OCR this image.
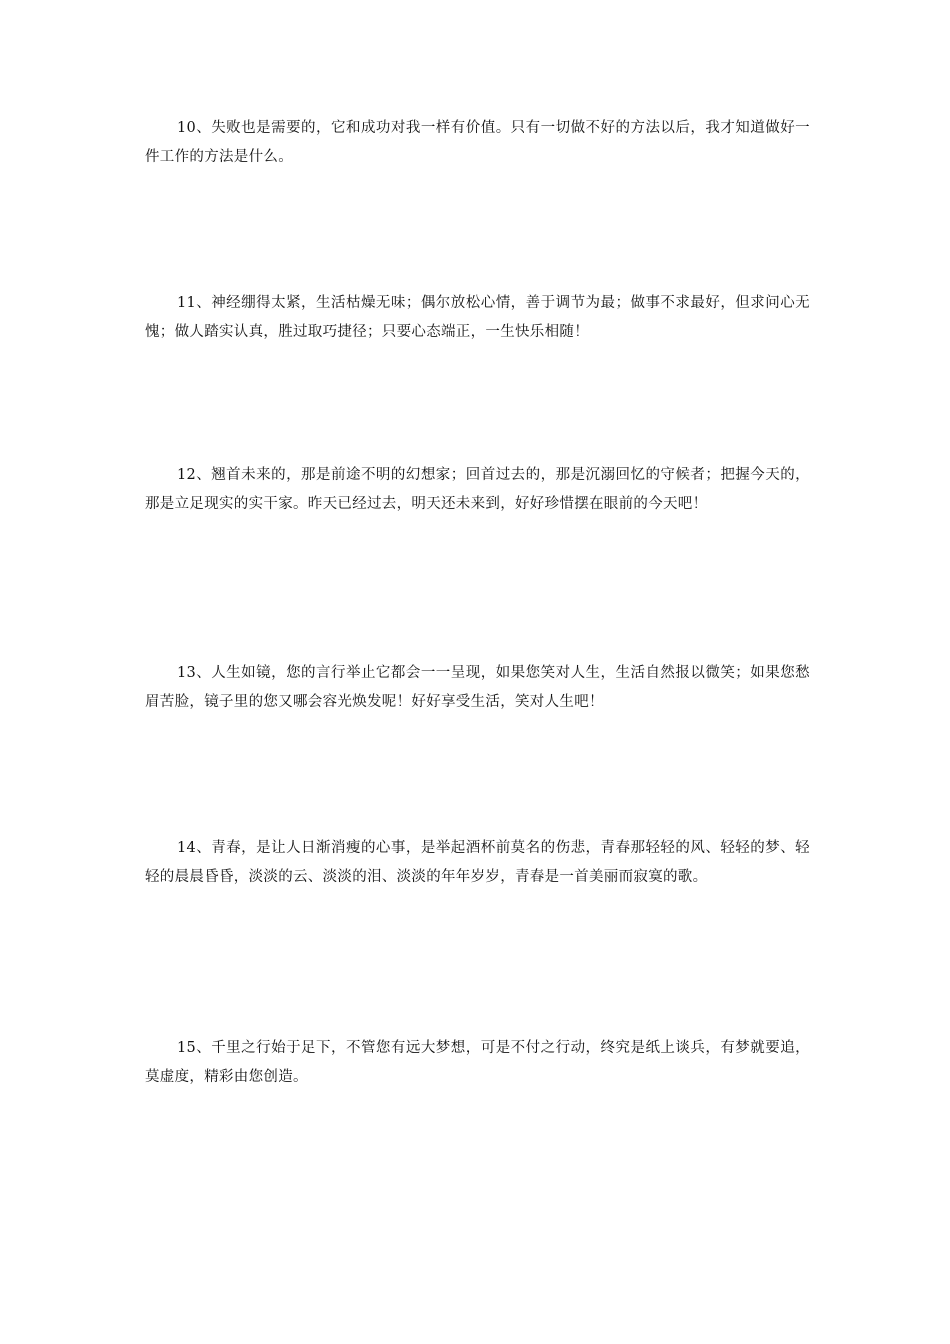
10、失败也是需要的，它和成功对我一样有价值。只有一切做不好的方法以后，我才知道做好一件工作的方法是什么。

11、神经绷得太紧，生活枯燥无味；偶尔放松心情，善于调节为最；做事不求最好，但求问心无愧；做人踏实认真，胜过取巧捷径；只要心态端正，一生快乐相随！

12、翘首未来的，那是前途不明的幻想家；回首过去的，那是沉溺回忆的守候者；把握今天的，那是立足现实的实干家。昨天已经过去，明天还未来到，好好珍惜摆在眼前的今天吧！

13、人生如镜，您的言行举止它都会一一呈现，如果您笑对人生，生活自然报以微笑；如果您愁眉苦脸，镜子里的您又哪会容光焕发呢！好好享受生活，笑对人生吧！

14、青春，是让人日渐消瘦的心事，是举起酒杯前莫名的伤悲，青春那轻轻的风、轻轻的梦、轻轻的晨晨昏昏，淡淡的云、淡淡的泪、淡淡的年年岁岁，青春是一首美丽而寂寞的歌。

15、千里之行始于足下，不管您有远大梦想，可是不付之行动，终究是纸上谈兵，有梦就要追，莫虚度，精彩由您创造。
